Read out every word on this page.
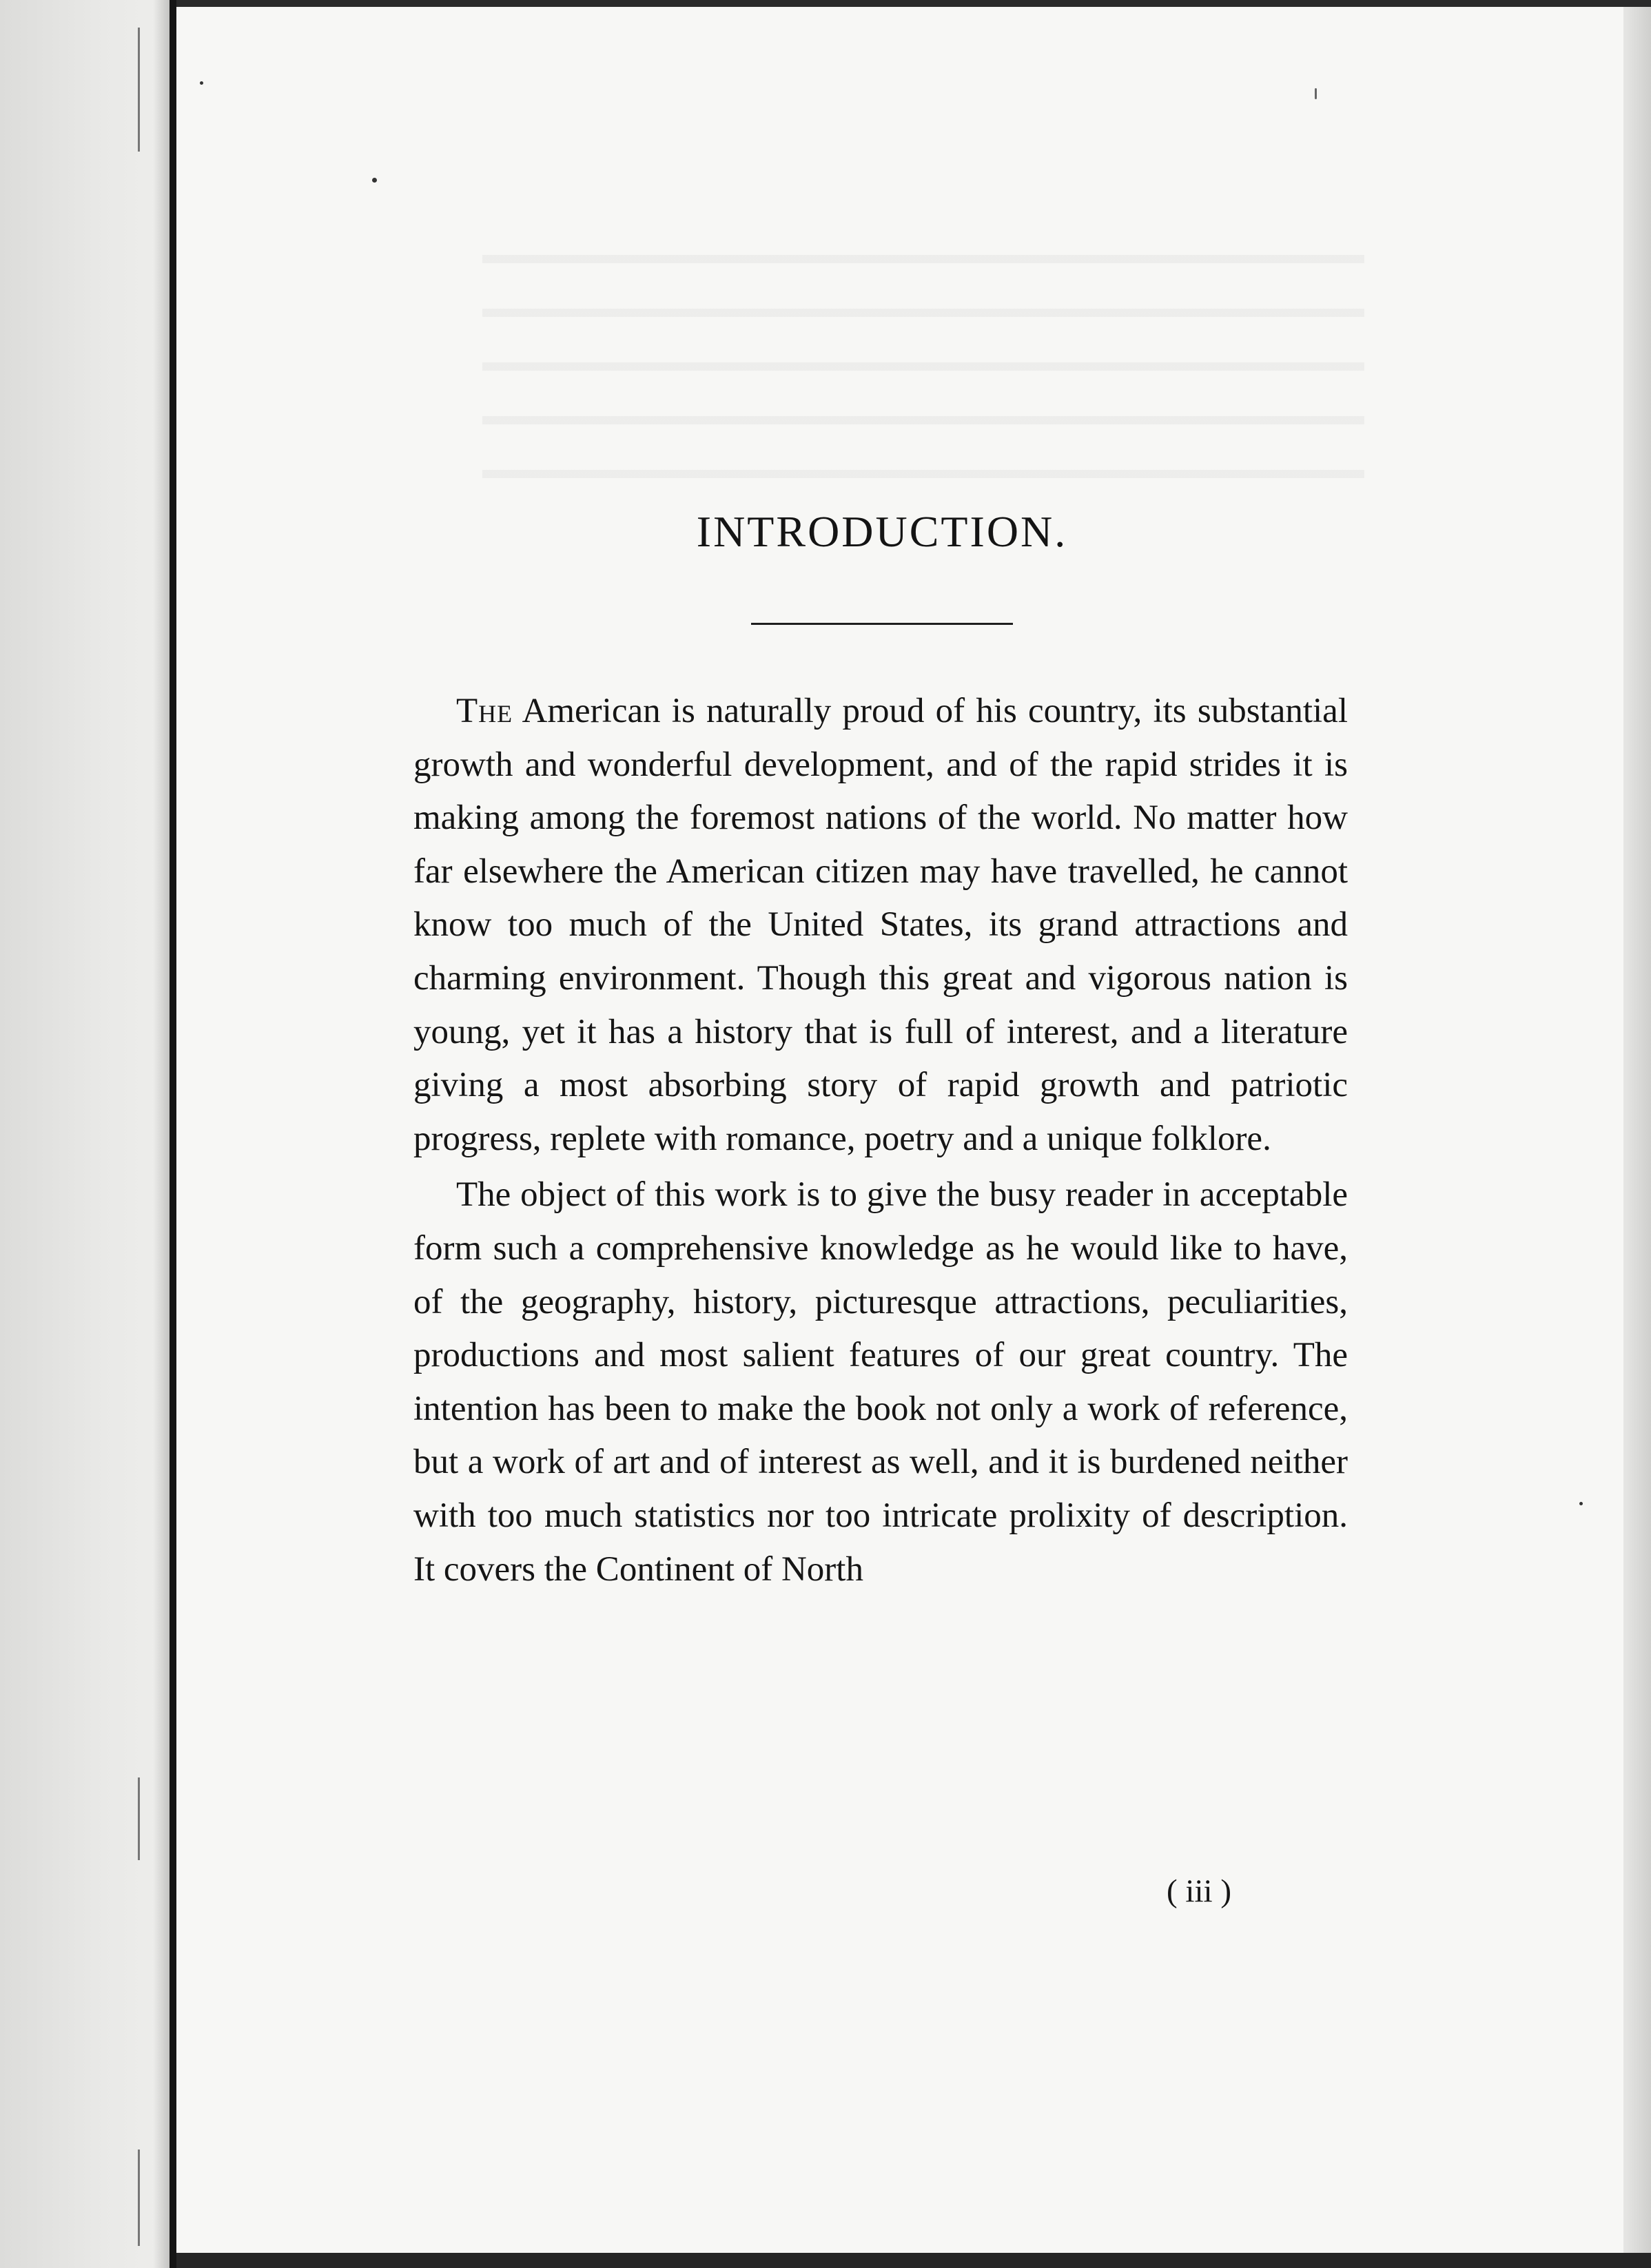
INTRODUCTION.

The American is naturally proud of his country, its substantial growth and wonderful development, and of the rapid strides it is making among the foremost nations of the world. No matter how far elsewhere the American citizen may have travelled, he cannot know too much of the United States, its grand attractions and charming environment. Though this great and vigorous nation is young, yet it has a history that is full of interest, and a literature giving a most absorbing story of rapid growth and patriotic progress, replete with romance, poetry and a unique folklore.

The object of this work is to give the busy reader in acceptable form such a comprehensive knowledge as he would like to have, of the geography, history, picturesque attractions, peculiarities, productions and most salient features of our great country. The intention has been to make the book not only a work of reference, but a work of art and of interest as well, and it is burdened neither with too much statistics nor too intricate prolixity of description. It covers the Continent of North

( iii )
